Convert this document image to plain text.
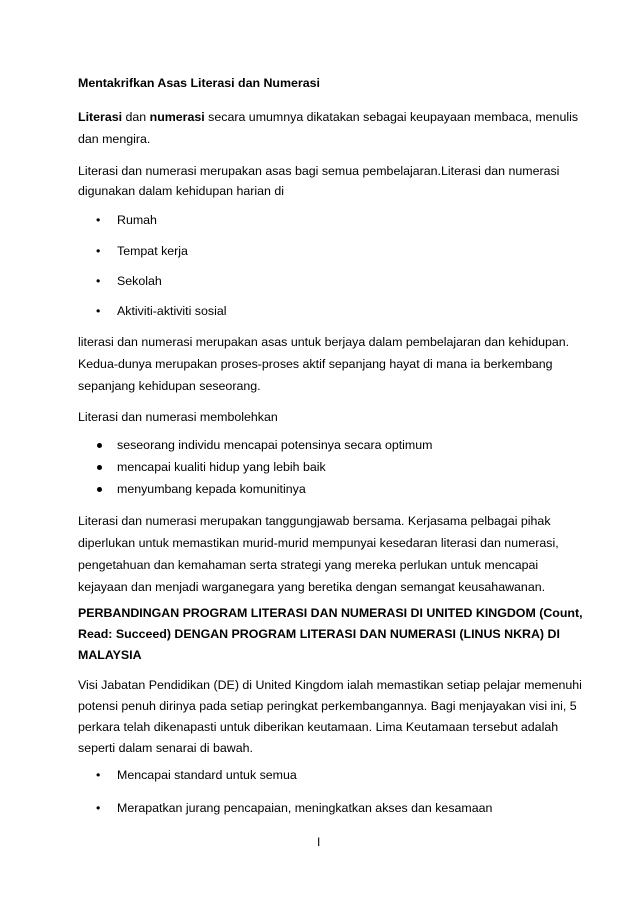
Mentakrifkan Asas Literasi dan Numerasi
Literasi dan numerasi secara umumnya dikatakan sebagai keupayaan membaca, menulis
dan mengira.
Literasi dan numerasi merupakan asas bagi semua pembelajaran.Literasi dan numerasi
digunakan dalam kehidupan harian di
• Rumah
• Tempat kerja
• Sekolah
• Aktiviti-aktiviti sosial
literasi dan numerasi merupakan asas untuk berjaya dalam pembelajaran dan kehidupan.
Kedua-dunya merupakan proses-proses aktif sepanjang hayat di mana ia berkembang
sepanjang kehidupan seseorang.
Literasi dan numerasi membolehkan
seseorang individu mencapai potensinya secara optimum
mencapai kualiti hidup yang lebih baik
menyumbang kepada komunitinya
Literasi dan numerasi merupakan tanggungjawab bersama. Kerjasama pelbagai pihak
diperlukan untuk memastikan murid-murid mempunyai kesedaran literasi dan numerasi,
pengetahuan dan kemahaman serta strategi yang mereka perlukan untuk mencapai
kejayaan dan menjadi warganegara yang beretika dengan semangat keusahawanan.
PERBANDINGAN PROGRAM LITERASI DAN NUMERASI DI UNITED KINGDOM (Count,
Read: Succeed) DENGAN PROGRAM LITERASI DAN NUMERASI (LINUS NKRA) DI
MALAYSIA
Visi Jabatan Pendidikan (DE) di United Kingdom ialah memastikan setiap pelajar memenuhi
potensi penuh dirinya pada setiap peringkat perkembangannya. Bagi menjayakan visi ini, 5
perkara telah dikenapasti untuk diberikan keutamaan. Lima Keutamaan tersebut adalah
seperti dalam senarai di bawah.
• Mencapai standard untuk semua
• Merapatkan jurang pencapaian, meningkatkan akses dan kesamaan
I
